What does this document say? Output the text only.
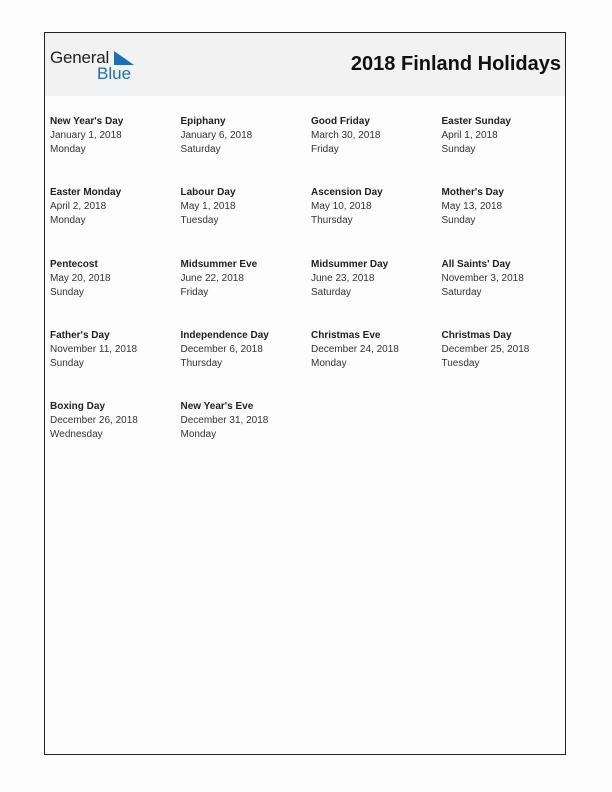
General
Blue	2018 Finland Holidays
New Year's Day
January 1, 2018
Monday
Epiphany
January 6, 2018
Saturday
Good Friday
March 30, 2018
Friday
Easter Sunday
April 1, 2018
Sunday
Easter Monday
April 2, 2018
Monday
Labour Day
May 1, 2018
Tuesday
Ascension Day
May 10, 2018
Thursday
Mother's Day
May 13, 2018
Sunday
Pentecost
May 20, 2018
Sunday
Midsummer Eve
June 22, 2018
Friday
Midsummer Day
June 23, 2018
Saturday
All Saints' Day
November 3, 2018
Saturday
Father's Day
November 11, 2018
Sunday
Independence Day
December 6, 2018
Thursday
Christmas Eve
December 24, 2018
Monday
Christmas Day
December 25, 2018
Tuesday
Boxing Day
December 26, 2018
Wednesday
New Year's Eve
December 31, 2018
Monday
